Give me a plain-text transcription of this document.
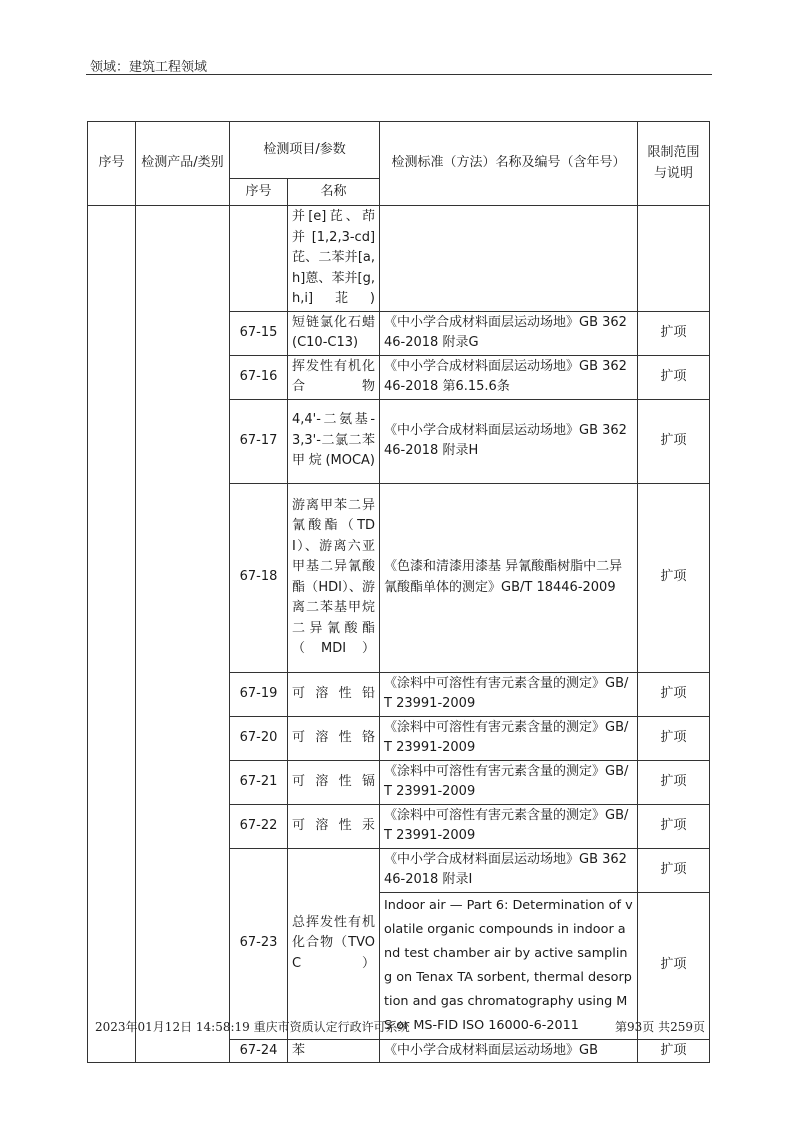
领域：建筑工程领域
序号	检测产品/类别	检测项目/参数		检测标准（方法）名称及编号（含年号）	限制范围与说明
		序号	名称		
			并[e]芘、茚并[1,2,3-cd]芘、二苯并[a,h]蒽、苯并[g,h,i]苝)		
		67-15	短链氯化石蜡(C10-C13)	《中小学合成材料面层运动场地》GB 36246-2018 附录G	扩项
		67-16	挥发性有机化合物	《中小学合成材料面层运动场地》GB 36246-2018 第6.15.6条	扩项
		67-17	4,4'-二氨基-3,3'-二氯二苯甲烷(MOCA)	《中小学合成材料面层运动场地》GB 36246-2018 附录H	扩项
		67-18	游离甲苯二异氰酸酯（TDI）、游离六亚甲基二异氰酸酯（HDI）、游离二苯基甲烷二异氰酸酯（MDI）	《色漆和清漆用漆基 异氰酸酯树脂中二异氰酸酯单体的测定》GB/T 18446-2009	扩项
		67-19	可溶性铅	《涂料中可溶性有害元素含量的测定》GB/T 23991-2009	扩项
		67-20	可溶性铬	《涂料中可溶性有害元素含量的测定》GB/T 23991-2009	扩项
		67-21	可溶性镉	《涂料中可溶性有害元素含量的测定》GB/T 23991-2009	扩项
		67-22	可溶性汞	《涂料中可溶性有害元素含量的测定》GB/T 23991-2009	扩项
		67-23	总挥发性有机化合物（TVOC）	《中小学合成材料面层运动场地》GB 36246-2018 附录I	扩项
				Indoor air — Part 6: Determination of volatile organic compounds in indoor and test chamber air by active sampling on Tenax TA sorbent, thermal desorption and gas chromatography using MS or MS-FID ISO 16000-6-2011	扩项
		67-24	苯	《中小学合成材料面层运动场地》GB	扩项
2023年01月12日 14:58:19 重庆市资质认定行政许可系统	第93页 共259页
